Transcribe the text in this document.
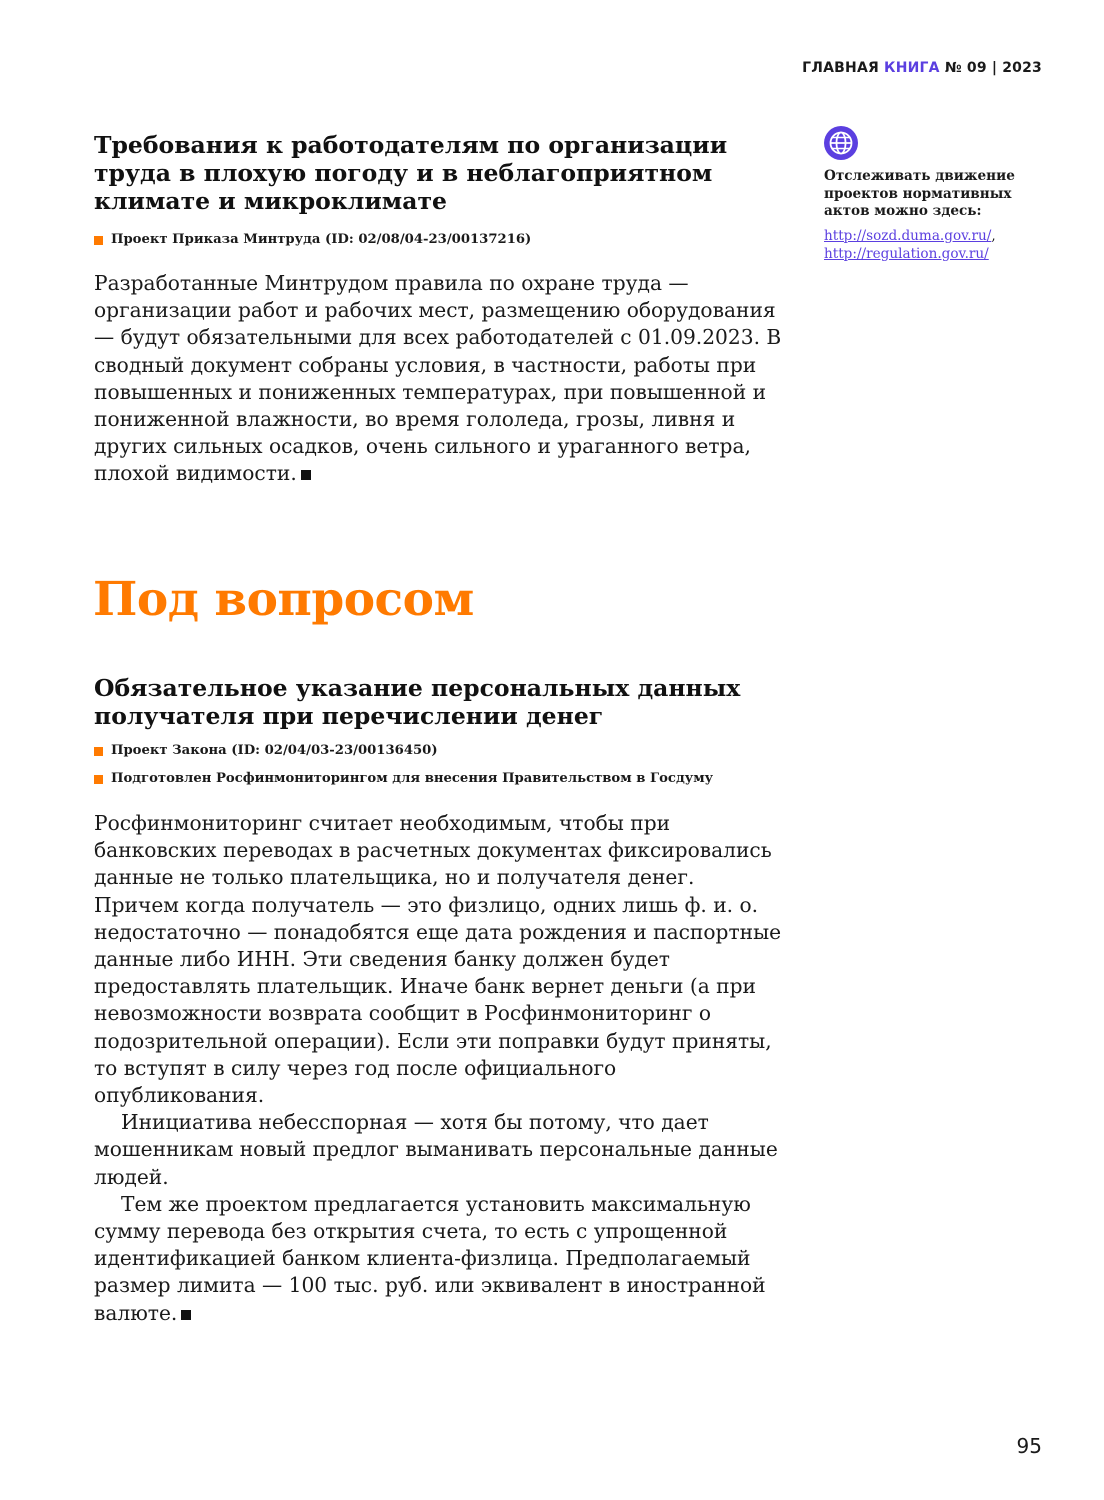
ГЛАВНАЯ КНИГА № 09 | 2023
Требования к работодателям по организации труда в плохую погоду и в неблагоприятном климате и микроклимате
Проект Приказа Минтруда (ID: 02/08/04-23/00137216)

Разработанные Минтрудом правила по охране труда — организации работ и рабочих мест, размещению оборудования — будут обязательными для всех работодателей с 01.09.2023. В сводный документ собраны условия, в частности, работы при повышенных и пониженных температурах, при повышенной и пониженной влажности, во время гололеда, грозы, ливня и других сильных осадков, очень сильного и ураганного ветра, плохой видимости.

Под вопросом
Обязательное указание персональных данных получателя при перечислении денег
Проект Закона (ID: 02/04/03-23/00136450)
Подготовлен Росфинмониторингом для внесения Правительством в Госдуму

Росфинмониторинг считает необходимым, чтобы при банковских переводах в расчетных документах фиксировались данные не только плательщика, но и получателя денег. Причем когда получатель — это физлицо, одних лишь ф. и. о. недостаточно — понадобятся еще дата рождения и паспортные данные либо ИНН. Эти сведения банку должен будет предоставлять плательщик. Иначе банк вернет деньги (а при невозможности возврата сообщит в Росфинмониторинг о подозрительной операции). Если эти поправки будут приняты, то вступят в силу через год после официального опубликования.

Инициатива небесспорная — хотя бы потому, что дает мошенникам новый предлог выманивать персональные данные людей.

Тем же проектом предлагается установить максимальную сумму перевода без открытия счета, то есть с упрощенной идентификацией банком клиента-физлица. Предполагаемый размер лимита — 100 тыс. руб. или эквивалент в иностранной валюте.

Отслеживать движение проектов нормативных актов можно здесь:
http://sozd.duma.gov.ru/,
http://regulation.gov.ru/
95
